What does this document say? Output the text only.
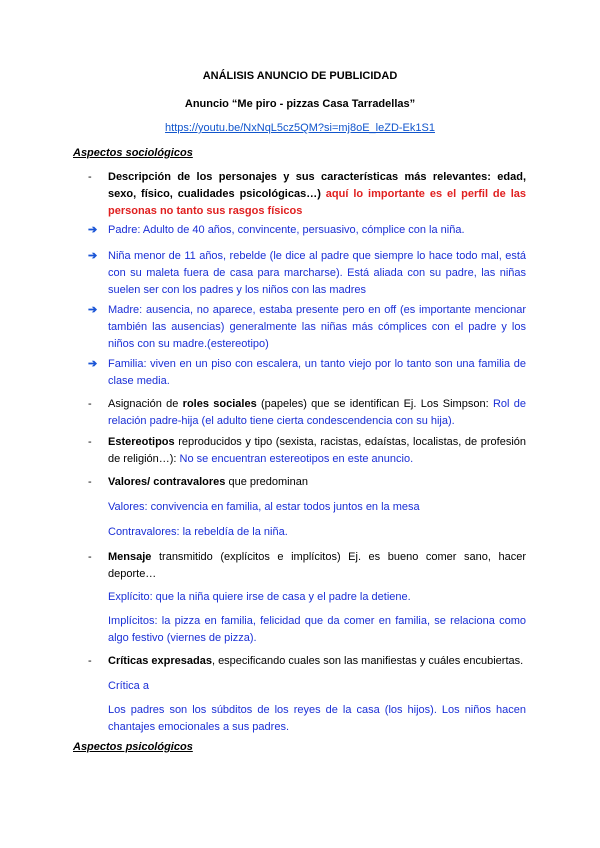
ANÁLISIS ANUNCIO DE PUBLICIDAD
Anuncio “Me piro - pizzas Casa Tarradellas”
https://youtu.be/NxNqL5cz5QM?si=mj8oE_leZD-Ek1S1
Aspectos sociológicos
-	Descripción de los personajes y sus características más relevantes: edad, sexo, físico, cualidades psicológicas…) aquí lo importante es el perfil de las personas no tanto sus rasgos físicos
➔ Padre: Adulto de 40 años, convincente, persuasivo, cómplice con la niña.
➔ Niña menor de 11 años, rebelde (le dice al padre que siempre lo hace todo mal, está con su maleta fuera de casa para marcharse). Está aliada con su padre, las niñas suelen ser con los padres y los niños con las madres
➔ Madre: ausencia, no aparece, estaba presente pero en off (es importante mencionar también las ausencias) generalmente las niñas más cómplices con el padre y los niños con su madre.(estereotipo)
➔ Familia: viven en un piso con escalera, un tanto viejo por lo tanto son una familia de clase media.
-	Asignación de roles sociales (papeles) que se identifican Ej. Los Simpson: Rol de relación padre-hija (el adulto tiene cierta condescendencia con su hija).
-	Estereotipos reproducidos y tipo (sexista, racistas, edaístas, localistas, de profesión de religión…): No se encuentran estereotipos en este anuncio.
-	Valores/ contravalores que predominan
Valores: convivencia en familia, al estar todos juntos en la mesa
Contravalores: la rebeldía de la niña.
-	Mensaje transmitido (explícitos e implícitos) Ej. es bueno comer sano, hacer deporte…
Explícito: que la niña quiere irse de casa y el padre la detiene.
Implícitos: la pizza en familia, felicidad que da comer en familia, se relaciona como algo festivo (viernes de pizza).
-	Críticas expresadas, especificando cuales son las manifiestas y cuáles encubiertas.
Crítica a
Los padres son los súbditos de los reyes de la casa (los hijos). Los niños hacen chantajes emocionales a sus padres.
Aspectos psicológicos
